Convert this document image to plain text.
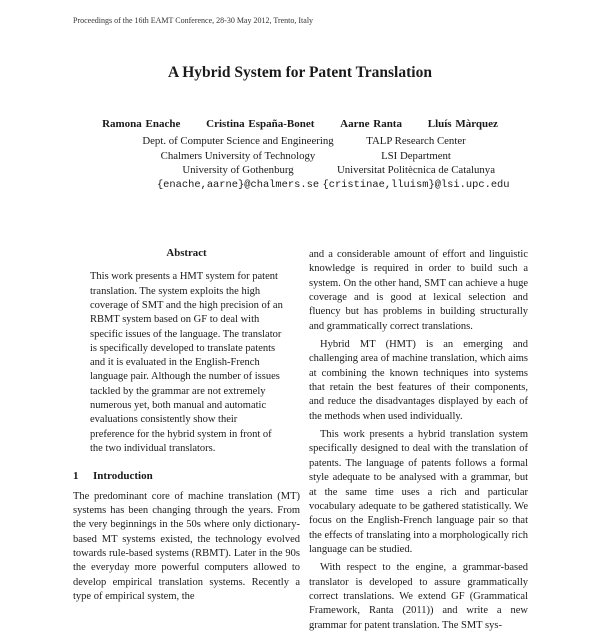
Proceedings of the 16th EAMT Conference, 28-30 May 2012, Trento, Italy
A Hybrid System for Patent Translation
Ramona Enache Cristina España-Bonet Aarne Ranta Lluís Màrquez
Dept. of Computer Science and Engineering
Chalmers University of Technology
University of Gothenburg
{enache,aarne}@chalmers.se
TALP Research Center
LSI Department
Universitat Politècnica de Catalunya
{cristinae,lluism}@lsi.upc.edu
Abstract
This work presents a HMT system for patent translation. The system exploits the high coverage of SMT and the high precision of an RBMT system based on GF to deal with specific issues of the language. The translator is specifically developed to translate patents and it is evaluated in the English-French language pair. Although the number of issues tackled by the grammar are not extremely numerous yet, both manual and automatic evaluations consistently show their preference for the hybrid system in front of the two individual translators.
1 Introduction

The predominant core of machine translation (MT) systems has been changing through the years. From the very beginnings in the 50s where only dictionary-based MT systems existed, the technology evolved towards rule-based systems (RBMT). Later in the 90s the everyday more powerful computers allowed to develop empirical translation systems. Recently a type of empirical system, the

and a considerable amount of effort and linguistic knowledge is required in order to build such a system. On the other hand, SMT can achieve a huge coverage and is good at lexical selection and fluency but has problems in building structurally and grammatically correct translations.

Hybrid MT (HMT) is an emerging and challenging area of machine translation, which aims at combining the known techniques into systems that retain the best features of their components, and reduce the disadvantages displayed by each of the methods when used individually.

This work presents a hybrid translation system specifically designed to deal with the translation of patents. The language of patents follows a formal style adequate to be analysed with a grammar, but at the same time uses a rich and particular vocabulary adequate to be gathered statistically. We focus on the English-French language pair so that the effects of translating into a morphologically rich language can be studied.

With respect to the engine, a grammar-based translator is developed to assure grammatically correct translations. We extend GF (Grammatical Framework, Ranta (2011)) and write a new grammar for patent translation. The SMT sys-
